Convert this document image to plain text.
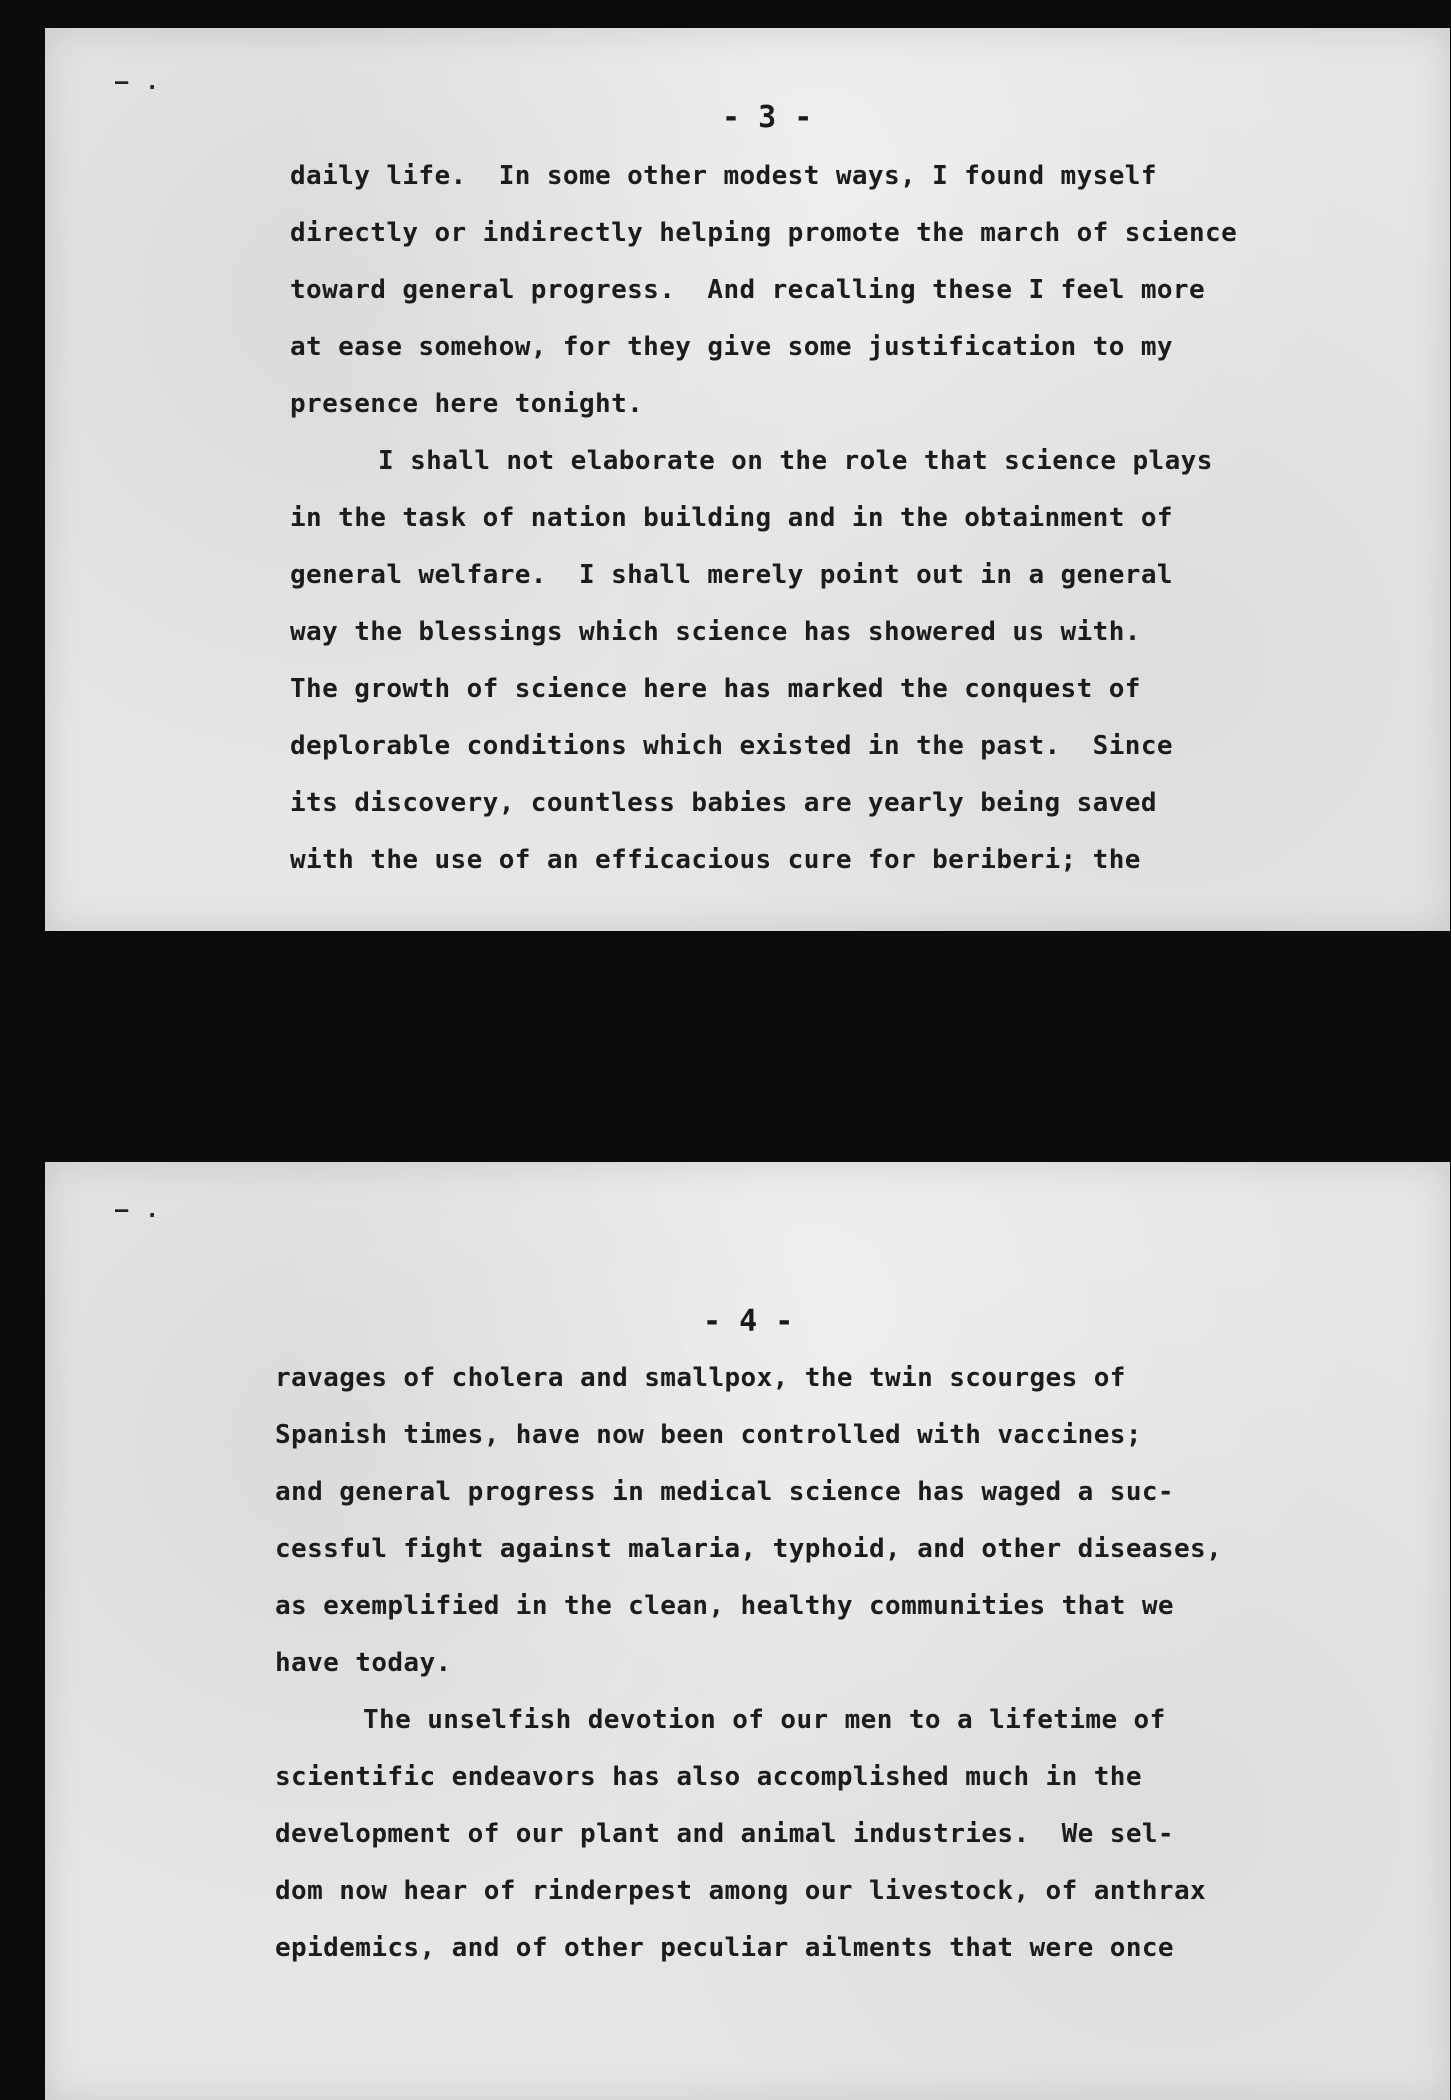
— .
- 3 -
daily life.  In some other modest ways, I found myself
directly or indirectly helping promote the march of science
toward general progress.  And recalling these I feel more
at ease somehow, for they give some justification to my
presence here tonight.
I shall not elaborate on the role that science plays
in the task of nation building and in the obtainment of
general welfare.  I shall merely point out in a general
way the blessings which science has showered us with.
The growth of science here has marked the conquest of
deplorable conditions which existed in the past.  Since
its discovery, countless babies are yearly being saved
with the use of an efficacious cure for beriberi; the
— .
- 4 -
ravages of cholera and smallpox, the twin scourges of
Spanish times, have now been controlled with vaccines;
and general progress in medical science has waged a suc-
cessful fight against malaria, typhoid, and other diseases,
as exemplified in the clean, healthy communities that we
have today.
The unselfish devotion of our men to a lifetime of
scientific endeavors has also accomplished much in the
development of our plant and animal industries.  We sel-
dom now hear of rinderpest among our livestock, of anthrax
epidemics, and of other peculiar ailments that were once
